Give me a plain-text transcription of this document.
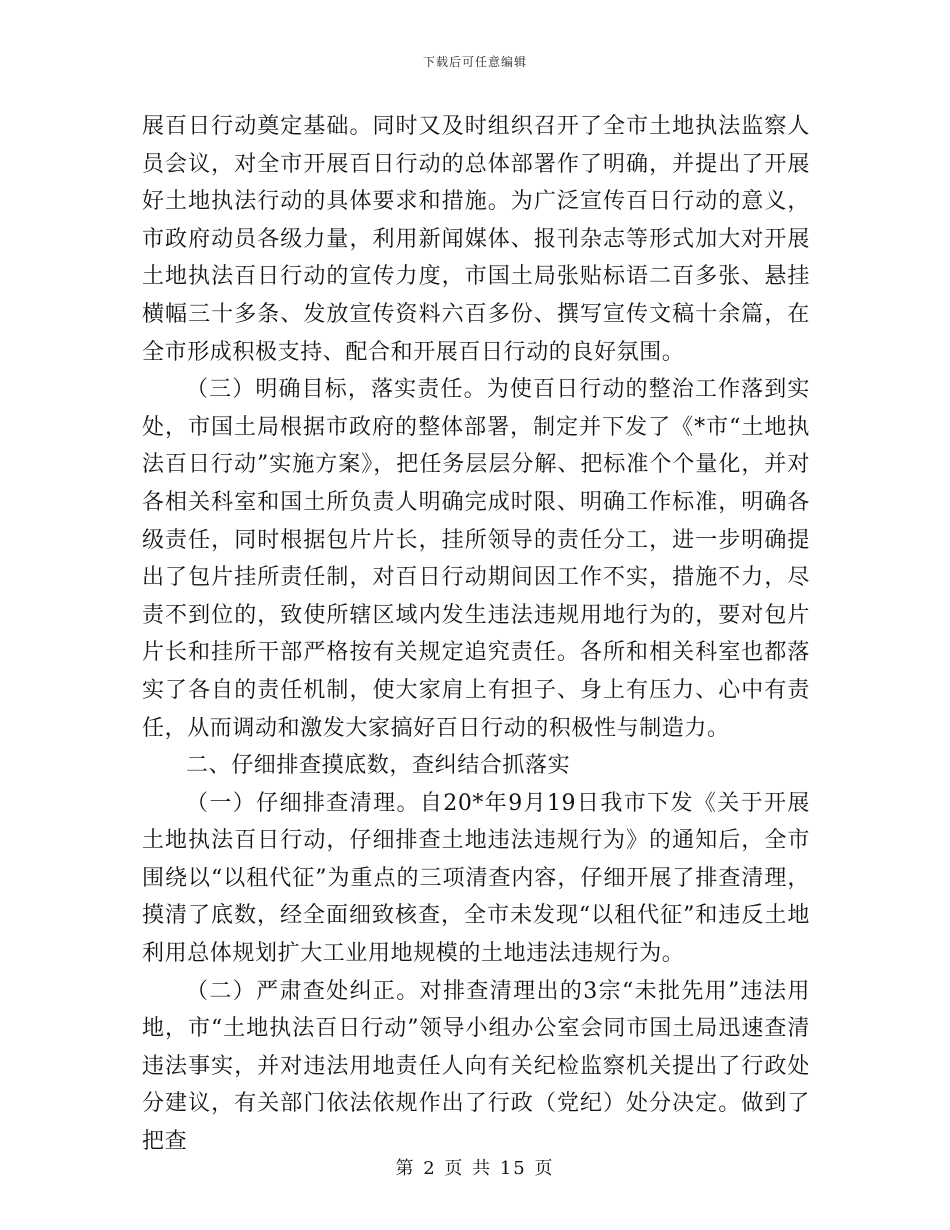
下载后可任意编辑

展百日行动奠定基础。同时又及时组织召开了全市土地执法监察人员会议，对全市开展百日行动的总体部署作了明确，并提出了开展好土地执法行动的具体要求和措施。为广泛宣传百日行动的意义，市政府动员各级力量，利用新闻媒体、报刊杂志等形式加大对开展土地执法百日行动的宣传力度，市国土局张贴标语二百多张、悬挂横幅三十多条、发放宣传资料六百多份、撰写宣传文稿十余篇，在全市形成积极支持、配合和开展百日行动的良好氛围。

（三）明确目标，落实责任。为使百日行动的整治工作落到实处，市国土局根据市政府的整体部署，制定并下发了《*市“土地执法百日行动”实施方案》，把任务层层分解、把标准个个量化，并对各相关科室和国土所负责人明确完成时限、明确工作标准，明确各级责任，同时根据包片片长，挂所领导的责任分工，进一步明确提出了包片挂所责任制，对百日行动期间因工作不实，措施不力，尽责不到位的，致使所辖区域内发生违法违规用地行为的，要对包片片长和挂所干部严格按有关规定追究责任。各所和相关科室也都落实了各自的责任机制，使大家肩上有担子、身上有压力、心中有责任，从而调动和激发大家搞好百日行动的积极性与制造力。

二、仔细排查摸底数，查纠结合抓落实

（一）仔细排查清理。自20*年9月19日我市下发《关于开展土地执法百日行动，仔细排查土地违法违规行为》的通知后，全市围绕以“以租代征”为重点的三项清查内容，仔细开展了排查清理，摸清了底数，经全面细致核查，全市未发现“以租代征”和违反土地利用总体规划扩大工业用地规模的土地违法违规行为。

（二）严肃查处纠正。对排查清理出的3宗“未批先用”违法用地，市“土地执法百日行动”领导小组办公室会同市国土局迅速查清违法事实，并对违法用地责任人向有关纪检监察机关提出了行政处分建议，有关部门依法依规作出了行政（党纪）处分决定。做到了把查

第 2 页 共 15 页
